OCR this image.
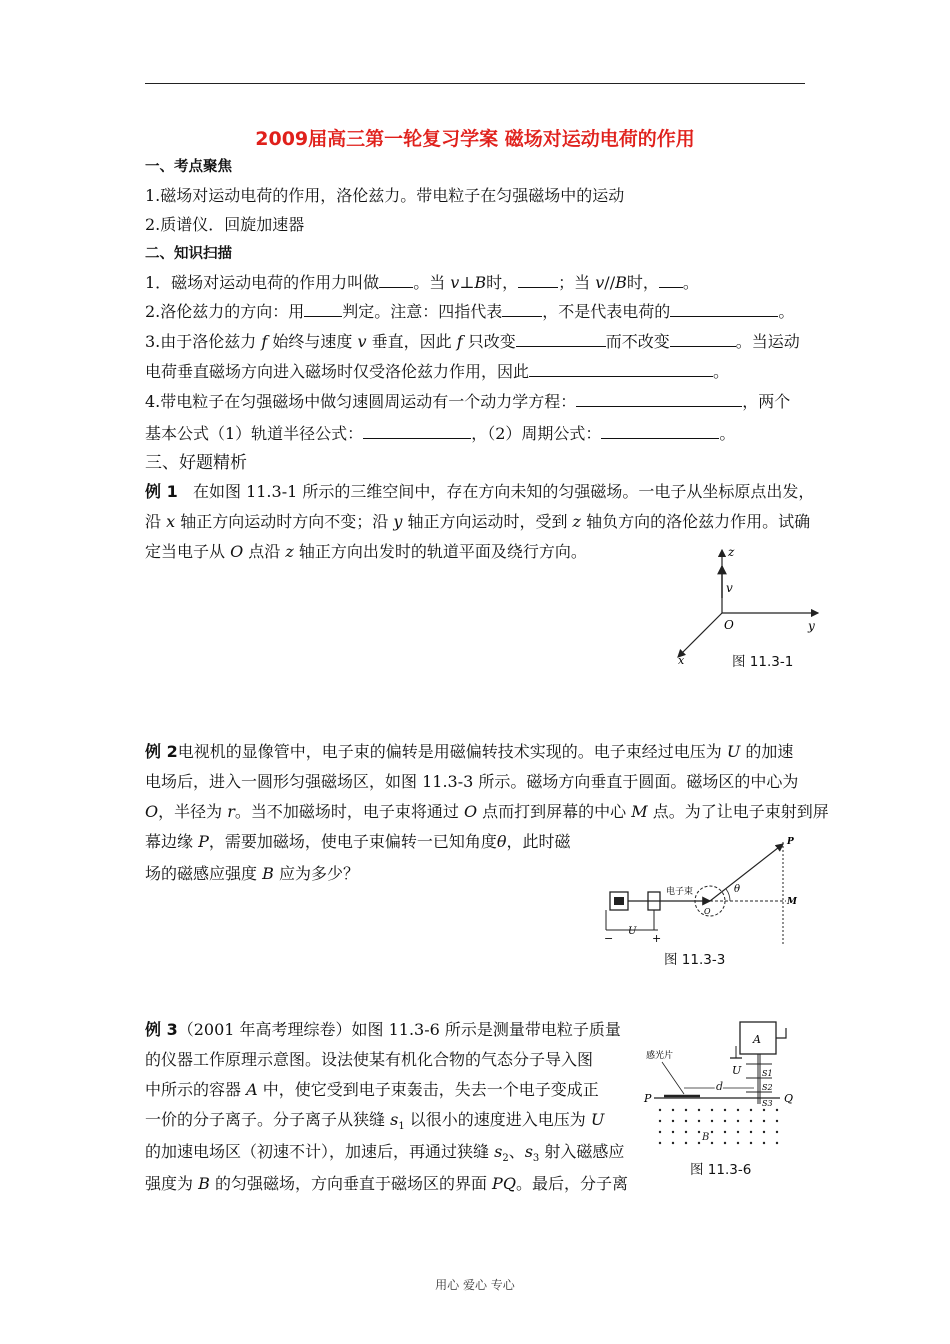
2009届高三第一轮复习学案 磁场对运动电荷的作用
一、考点聚焦
1.磁场对运动电荷的作用，洛伦兹力。带电粒子在匀强磁场中的运动
2.质谱仪．回旋加速器
二、知识扫描
1．磁场对运动电荷的作用力叫做 。当 v⊥B时，	；当 v//B时， 。
2.洛伦兹力的方向：用 判定。注意：四指代表	，不是代表电荷的	。
3.由于洛伦兹力 f 始终与速度 v 垂直，因此 f 只改变	而不改变	。当运动
电荷垂直磁场方向进入磁场时仅受洛伦兹力作用，因此	。
4.带电粒子在匀强磁场中做匀速圆周运动有一个动力学方程：	，两个
基本公式（1）轨道半径公式：	，（2）周期公式：	。
三、好题精析
例 1 在如图 11.3-1 所示的三维空间中，存在方向未知的匀强磁场。一电子从坐标原点出发，
沿 x 轴正方向运动时方向不变；沿 y 轴正方向运动时，受到 z 轴负方向的洛伦兹力作用。试确
定当电子从 O 点沿 z 轴正方向出发时的轨道平面及绕行方向。	z
v
O	y
x	图 11.3-1
例 2电视机的显像管中，电子束的偏转是用磁偏转技术实现的。电子束经过电压为 U 的加速
电场后，进入一圆形匀强磁场区，如图 11.3-3 所示。磁场方向垂直于圆面。磁场区的中心为
O，半径为 r。当不加磁场时，电子束将通过 O 点而打到屏幕的中心 M 点。为了让电子束射到屏
幕边缘 P，需要加磁场，使电子束偏转一已知角度θ，此时磁
场的磁感应强度 B 应为多少？
电子束
U
−	+
O
θ
P
M
图 11.3-3
例 3（2001 年高考理综卷）如图 11.3-6 所示是测量带电粒子质量
的仪器工作原理示意图。设法使某有机化合物的气态分子导入图
中所示的容器 A 中，使它受到电子束轰击，失去一个电子变成正
一价的分子离子。分子离子从狭缝 $s_1$ 以很小的速度进入电压为 U
的加速电场区（初速不计），加速后，再通过狭缝 $s_2$、$s_3$ 射入磁感应
强度为 B 的匀强磁场，方向垂直于磁场区的界面 PQ。最后，分子离
A
S1
S2
S3
U
感光片
d
P	Q
B
图 11.3-6
用心 爱心 专心
